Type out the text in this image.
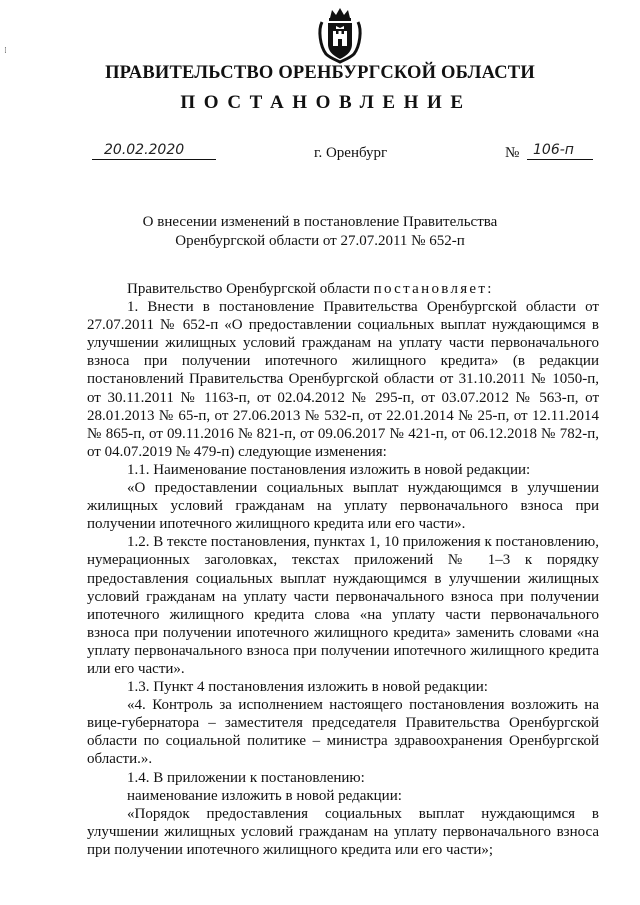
⁞
ПРАВИТЕЛЬСТВО ОРЕНБУРГСКОЙ ОБЛАСТИ
ПОСТАНОВЛЕНИЕ
20.02.2020	г. Оренбург	№ 106-п
О внесении изменений в постановление Правительства
Оренбургской области от 27.07.2011 № 652-п

Правительство Оренбургской области постановляет:

1. Внести в постановление Правительства Оренбургской области от 27.07.2011 № 652-п «О предоставлении социальных выплат нуждающимся в улучшении жилищных условий гражданам на уплату части первоначального взноса при получении ипотечного жилищного кредита» (в редакции постановлений Правительства Оренбургской области от 31.10.2011 № 1050-п, от 30.11.2011 № 1163-п, от 02.04.2012 № 295-п, от 03.07.2012 № 563-п, от 28.01.2013 № 65-п, от 27.06.2013 № 532-п, от 22.01.2014 № 25-п, от 12.11.2014 № 865-п, от 09.11.2016 № 821-п, от 09.06.2017 № 421-п, от 06.12.2018 № 782-п, от 04.07.2019 № 479-п) следующие изменения:

1.1. Наименование постановления изложить в новой редакции:

«О предоставлении социальных выплат нуждающимся в улучшении жилищных условий гражданам на уплату первоначального взноса при получении ипотечного жилищного кредита или его части».

1.2. В тексте постановления, пунктах 1, 10 приложения к постановлению, нумерационных заголовках, текстах приложений № 1–3 к порядку предоставления социальных выплат нуждающимся в улучшении жилищных условий гражданам на уплату части первоначального взноса при получении ипотечного жилищного кредита слова «на уплату части первоначального взноса при получении ипотечного жилищного кредита» заменить словами «на уплату первоначального взноса при получении ипотечного жилищного кредита или его части».

1.3. Пункт 4 постановления изложить в новой редакции:

«4. Контроль за исполнением настоящего постановления возложить на вице-губернатора – заместителя председателя Правительства Оренбургской области по социальной политике – министра здравоохранения Оренбургской области.».

1.4. В приложении к постановлению:

наименование изложить в новой редакции:

«Порядок предоставления социальных выплат нуждающимся в улучшении жилищных условий гражданам на уплату первоначального взноса при получении ипотечного жилищного кредита или его части»;
